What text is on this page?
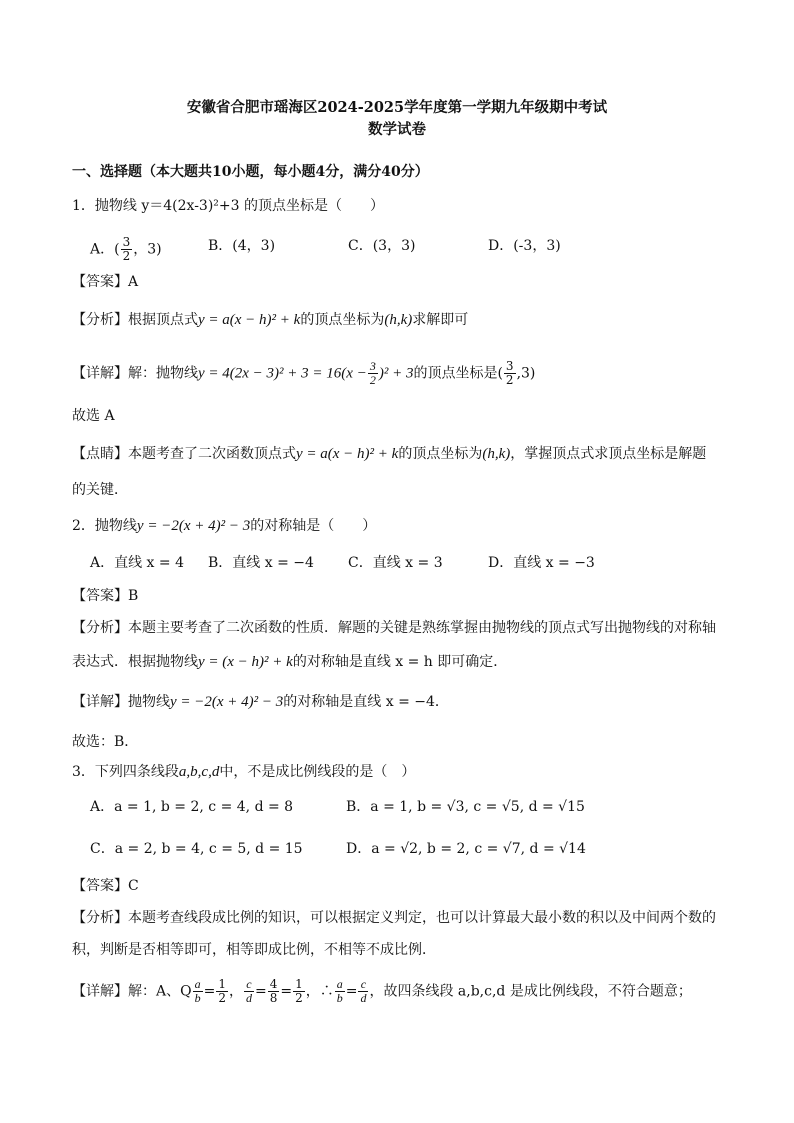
安徽省合肥市瑶海区2024-2025学年度第一学期九年级期中考试
数学试卷
一、选择题（本大题共10小题，每小题4分，满分40分）
1．抛物线 y＝4(2x-3)²+3 的顶点坐标是（　　）
A．( $\frac{3}{2}$ ，3)	B．(4，3)	C．(3，3)	D．(-3，3)
【答案】A
【分析】根据顶点式y = a(x − h)² + k的顶点坐标为(h,k)求解即可
【详解】解：抛物线$y = 4(2x - 3)^2 + 3 = 16(x - \frac{3}{2} )^2 + 3$的顶点坐标是( $\frac{3}{2} ,3$)
故选 A
【点睛】本题考查了二次函数顶点式y = a(x − h)² + k的顶点坐标为(h,k)，掌握顶点式求顶点坐标是解题
的关键．
2．抛物线y = −2(x + 4)² − 3的对称轴是（　　）
A．直线 x = 4 B．直线 x = −4 C．直线 x = 3	D．直线 x = −3
【答案】B
【分析】本题主要考查了二次函数的性质．解题的关键是熟练掌握由抛物线的顶点式写出抛物线的对称轴
表达式．根据抛物线y = (x − h)² + k的对称轴是直线 x = h 即可确定．
【详解】抛物线y = −2(x + 4)² − 3的对称轴是直线 x = −4．
故选：B．
3．下列四条线段a,b,c,d中，不是成比例线段的是（　）
A．a = 1, b = 2, c = 4, d = 8	B．a = 1, b = √3, c = √5, d = √15
C．a = 2, b = 4, c = 5, d = 15	D．a = √2, b = 2, c = √7, d = √14
【答案】C
【分析】本题考查线段成比例的知识，可以根据定义判定，也可以计算最大最小数的积以及中间两个数的
积，判断是否相等即可，相等即成比例，不相等不成比例．
【详解】解：A、Q $\frac{a}{b} = \frac{1}{2}$ ， $\frac{c}{d} = \frac{4}{8} = \frac{1}{2}$ ，∴ $\frac{a}{b} = \frac{c}{d}$ ，故四条线段 a,b,c,d 是成比例线段，不符合题意；
